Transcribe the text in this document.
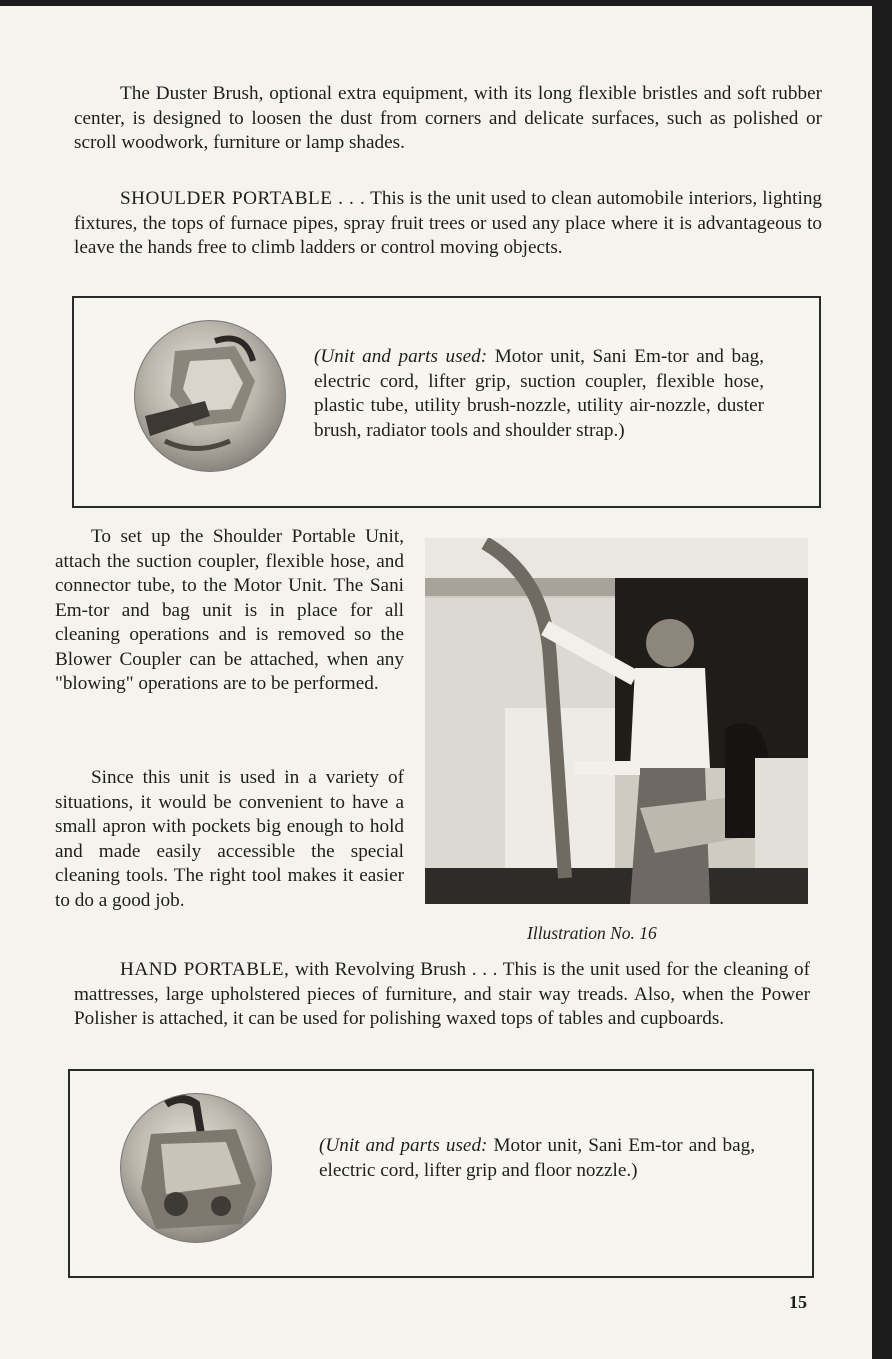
The Duster Brush, optional extra equipment, with its long flexible bristles and soft rubber center, is designed to loosen the dust from corners and delicate surfaces, such as polished or scroll woodwork, furniture or lamp shades.
SHOULDER PORTABLE . . . This is the unit used to clean automobile interiors, lighting fixtures, the tops of furnace pipes, spray fruit trees or used any place where it is advantageous to leave the hands free to climb ladders or control moving objects.
(Unit and parts used: Motor unit, Sani Em-tor and bag, electric cord, lifter grip, suction coupler, flexible hose, plastic tube, utility brush-nozzle, utility air-nozzle, duster brush, radiator tools and shoulder strap.)
To set up the Shoulder Portable Unit, attach the suction coupler, flexible hose, and connector tube, to the Motor Unit. The Sani Em-tor and bag unit is in place for all cleaning operations and is removed so the Blower Coupler can be attached, when any "blowing" operations are to be performed.
Since this unit is used in a variety of situations, it would be convenient to have a small apron with pockets big enough to hold and made easily accessible the special cleaning tools. The right tool makes it easier to do a good job.
Illustration No. 16
HAND PORTABLE, with Revolving Brush . . . This is the unit used for the cleaning of mattresses, large upholstered pieces of furniture, and stair way treads. Also, when the Power Polisher is attached, it can be used for polishing waxed tops of tables and cupboards.
(Unit and parts used: Motor unit, Sani Em-tor and bag, electric cord, lifter grip and floor nozzle.)
15
